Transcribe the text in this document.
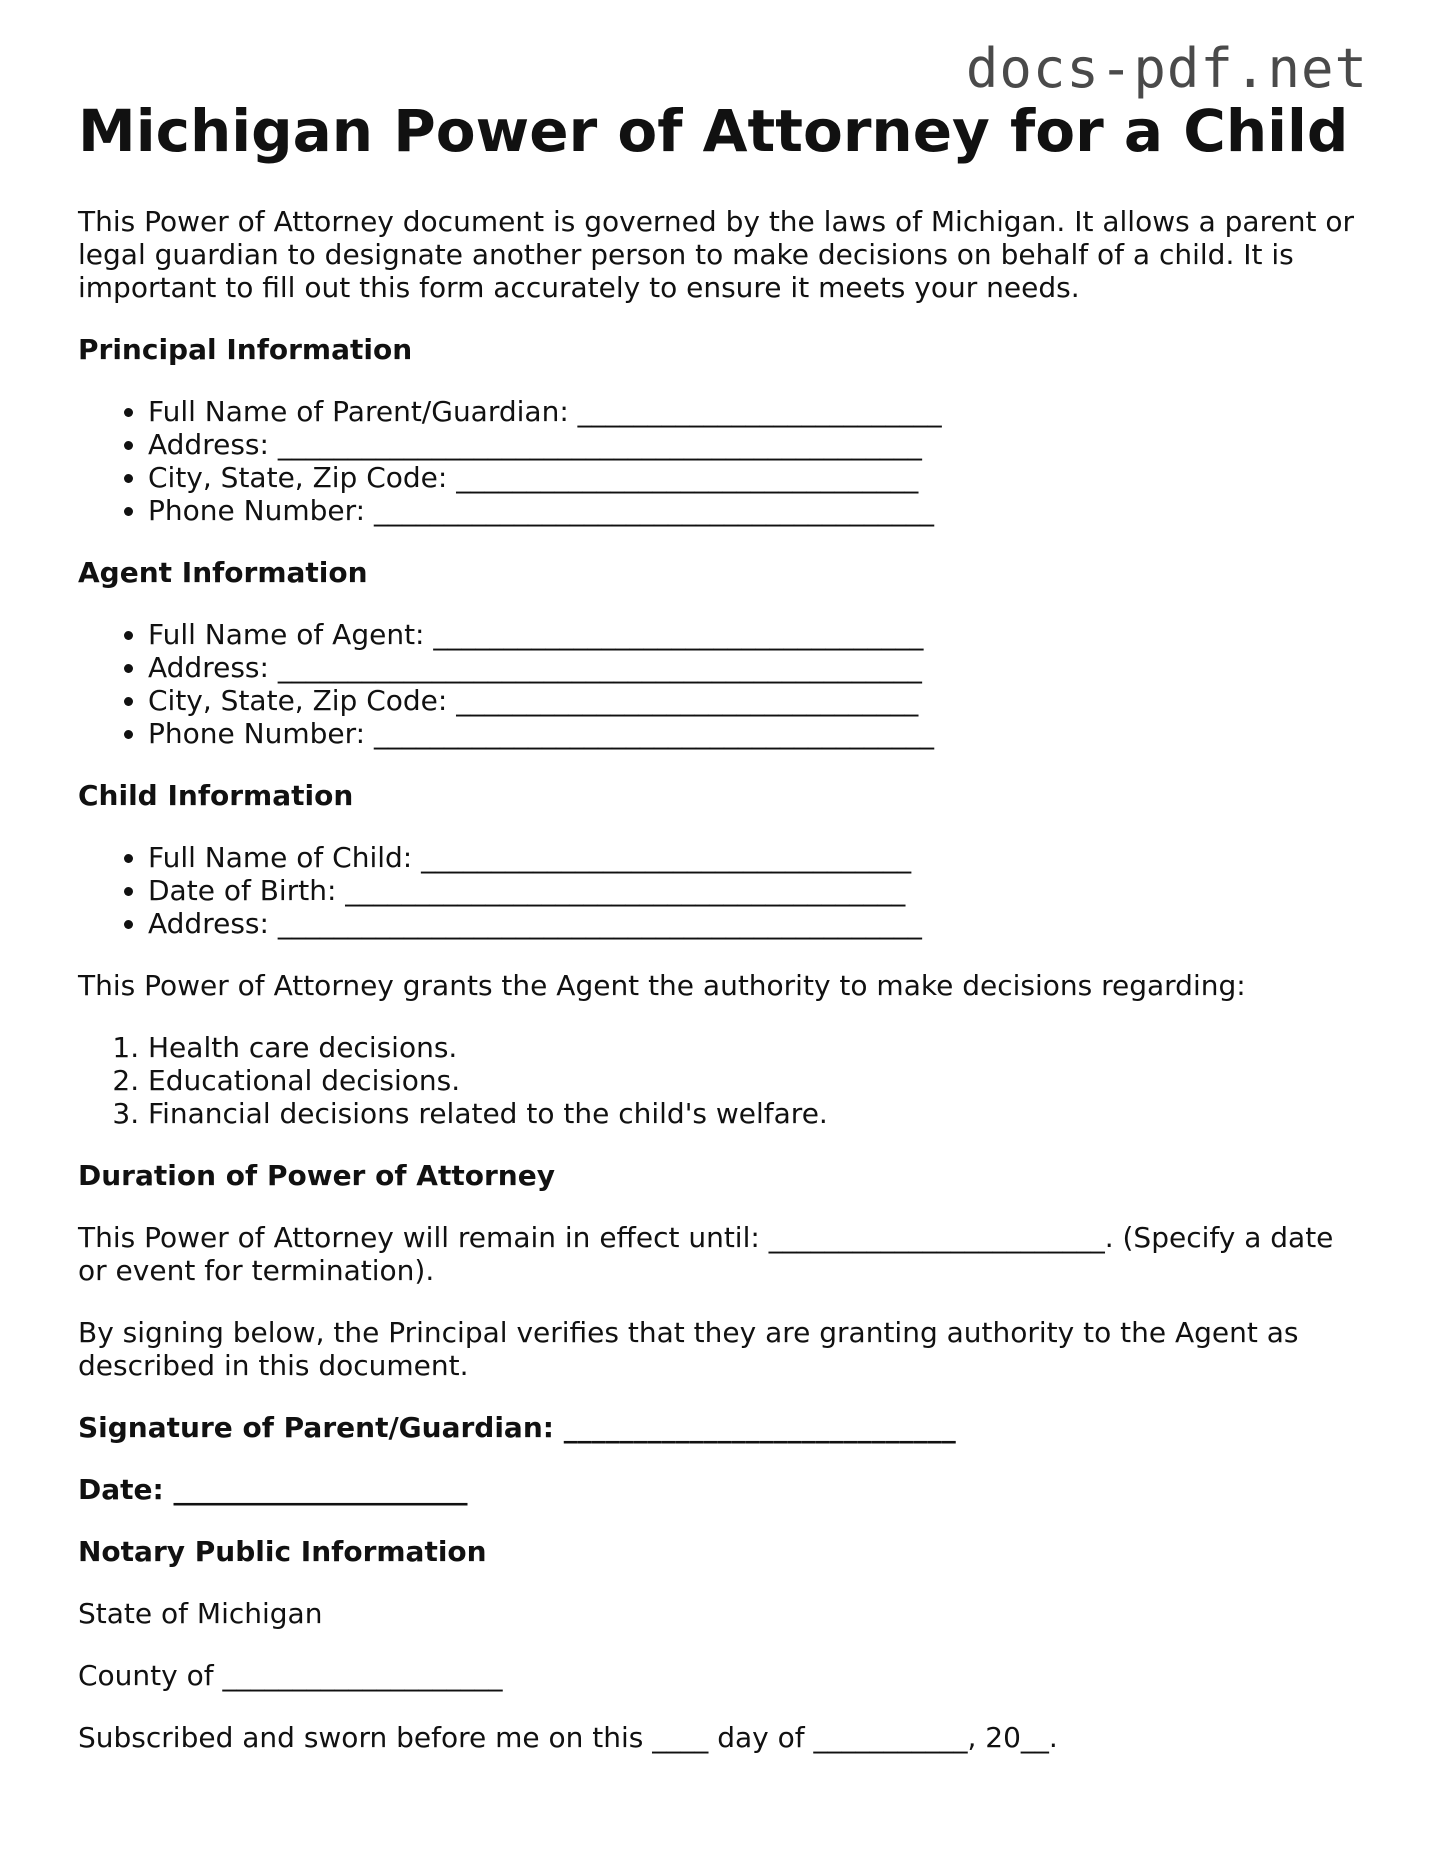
docs-pdf.net
Michigan Power of Attorney for a Child

This Power of Attorney document is governed by the laws of Michigan. It allows a parent or legal guardian to designate another person to make decisions on behalf of a child. It is important to fill out this form accurately to ensure it meets your needs.

Principal Information

• Full Name of Parent/Guardian: __________________________
• Address: ______________________________________________
• City, State, Zip Code: _________________________________
• Phone Number: ________________________________________

Agent Information

• Full Name of Agent: ___________________________________
• Address: ______________________________________________
• City, State, Zip Code: _________________________________
• Phone Number: ________________________________________

Child Information

• Full Name of Child: ___________________________________
• Date of Birth: ________________________________________
• Address: ______________________________________________

This Power of Attorney grants the Agent the authority to make decisions regarding:

1. Health care decisions.
2. Educational decisions.
3. Financial decisions related to the child's welfare.

Duration of Power of Attorney

This Power of Attorney will remain in effect until: ________________________. (Specify a date or event for termination).

By signing below, the Principal verifies that they are granting authority to the Agent as described in this document.

Signature of Parent/Guardian: ____________________________

Date: _____________________

Notary Public Information

State of Michigan

County of ____________________

Subscribed and sworn before me on this ____ day of ___________, 20__.
